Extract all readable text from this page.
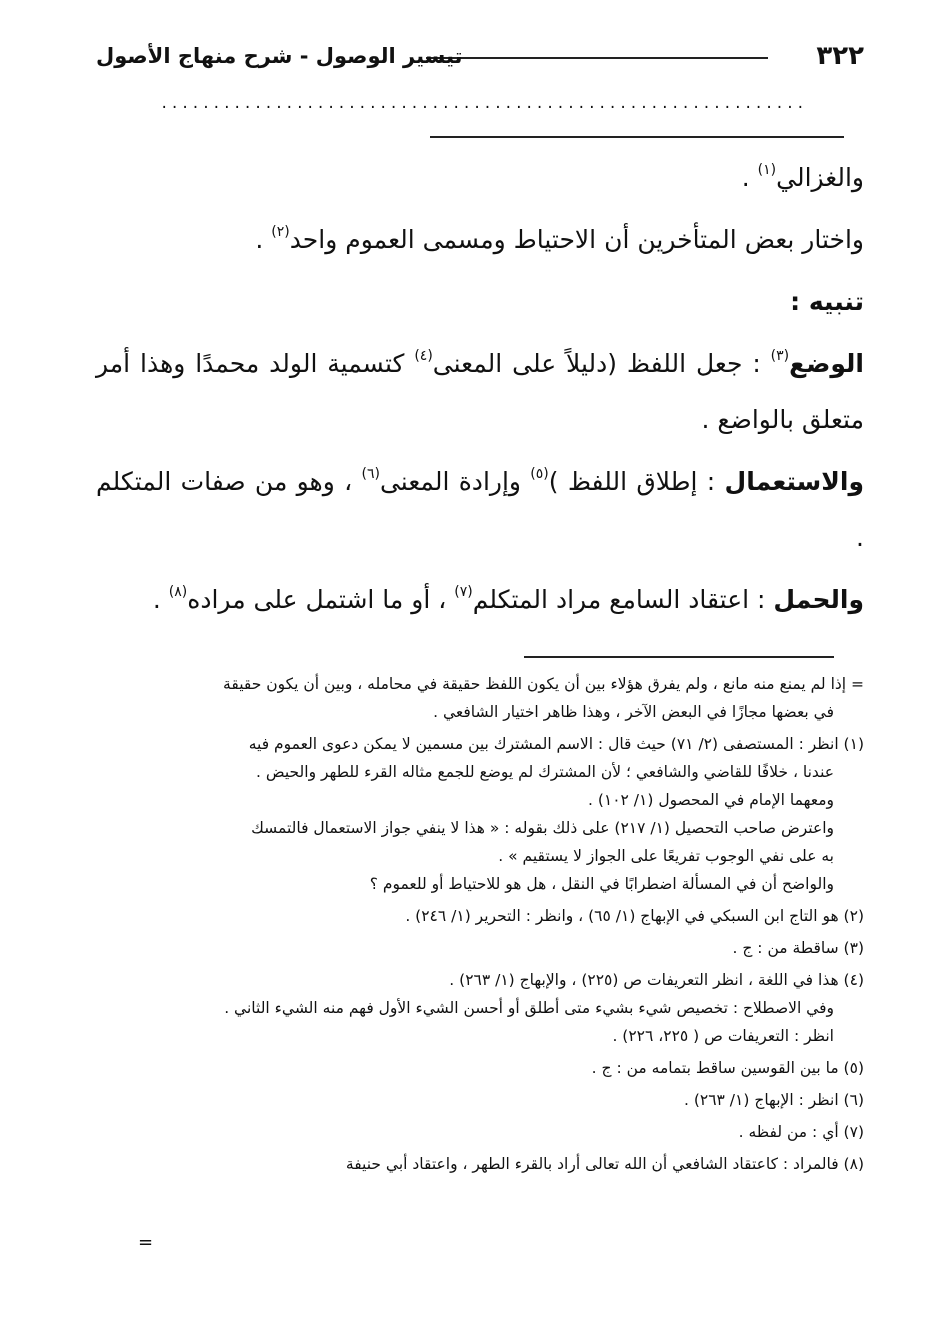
٣٢٢
تيسير الوصول - شرح منهاج الأصول
..............................................................

والغزالي$^{(١)}$ .

واختار بعض المتأخرين أن الاحتياط ومسمى العموم واحد$^{(٢)}$ .

تنبيه :

الوضع$^{(٣)}$ : جعل اللفظ (دليلاً على المعنى$^{(٤)}$ كتسمية الولد محمدًا وهذا أمر متعلق بالواضع .

والاستعمال : إطلاق اللفظ )$^{(٥)}$ وإرادة المعنى$^{(٦)}$ ، وهو من صفات المتكلم .

والحمل : اعتقاد السامع مراد المتكلم$^{(٧)}$ ، أو ما اشتمل على مراده$^{(٨)}$ .

= إذا لم يمنع منه مانع ، ولم يفرق هؤلاء بين أن يكون اللفظ حقيقة في محامله ، وبين أن يكون حقيقة

في بعضها مجازًا في البعض الآخر ، وهذا ظاهر اختيار الشافعي .

(١) انظر : المستصفى (٢/ ٧١) حيث قال : الاسم المشترك بين مسمين لا يمكن دعوى العموم فيه

عندنا ، خلافًا للقاضي والشافعي ؛ لأن المشترك لم يوضع للجمع مثاله القرء للطهر والحيض .

ومعهما الإمام في المحصول (١/ ١٠٢) .

واعترض صاحب التحصيل (١/ ٢١٧) على ذلك بقوله : « هذا لا ينفي جواز الاستعمال فالتمسك

به على نفي الوجوب تفريعًا على الجواز لا يستقيم » .

والواضح أن في المسألة اضطرابًا في النقل ، هل هو للاحتياط أو للعموم ؟

(٢) هو التاج ابن السبكي في الإبهاج (١/ ٦٥) ، وانظر : التحرير (١/ ٢٤٦) .

(٣) ساقطة من : ج .

(٤) هذا في اللغة ، انظر التعريفات ص (٢٢٥) ، والإبهاج (١/ ٢٦٣) .

وفي الاصطلاح : تخصيص شيء بشيء متى أطلق أو أحسن الشيء الأول فهم منه الشيء الثاني .

انظر : التعريفات ص ( ٢٢٥، ٢٢٦) .

(٥) ما بين القوسين ساقط بتمامه من : ج .

(٦) انظر : الإبهاج (١/ ٢٦٣) .

(٧) أي : من لفظه .

(٨) فالمراد : كاعتقاد الشافعي أن الله تعالى أراد بالقرء الطهر ، واعتقاد أبي حنيفة

=
